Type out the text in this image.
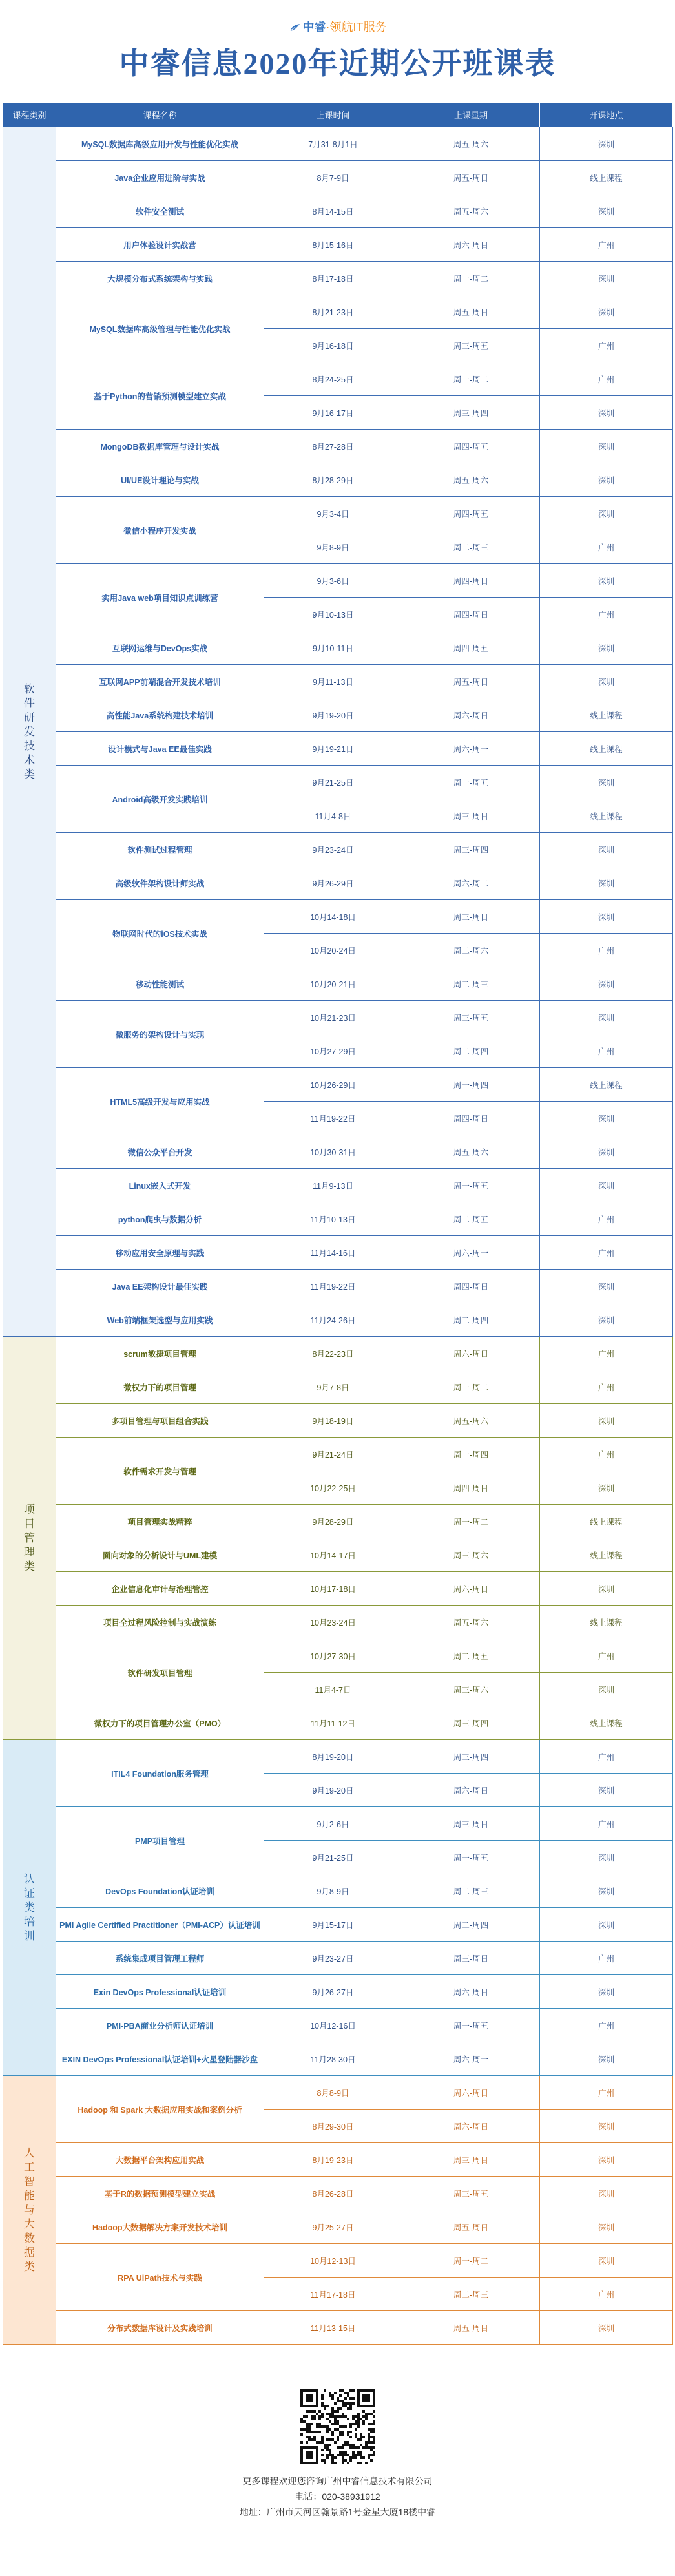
中睿·领航IT服务
中睿信息2020年近期公开班课表
课程类别	课程名称	上课时间	上课星期	开课地点
软件研发技术类	MySQL数据库高级应用开发与性能优化实战	7月31-8月1日	周五-周六	深圳
	Java企业应用进阶与实战	8月7-9日	周五-周日	线上课程
	软件安全测试	8月14-15日	周五-周六	深圳
	用户体验设计实战营	8月15-16日	周六-周日	广州
	大规模分布式系统架构与实践	8月17-18日	周一-周二	深圳
	MySQL数据库高级管理与性能优化实战	8月21-23日	周五-周日	深圳
		9月16-18日	周三-周五	广州
	基于Python的营销预测模型建立实战	8月24-25日	周一-周二	广州
		9月16-17日	周三-周四	深圳
	MongoDB数据库管理与设计实战	8月27-28日	周四-周五	深圳
	UI/UE设计理论与实战	8月28-29日	周五-周六	深圳
	微信小程序开发实战	9月3-4日	周四-周五	深圳
		9月8-9日	周二-周三	广州
	实用Java web项目知识点训练营	9月3-6日	周四-周日	深圳
		9月10-13日	周四-周日	广州
	互联网运维与DevOps实战	9月10-11日	周四-周五	深圳
	互联网APP前端混合开发技术培训	9月11-13日	周五-周日	深圳
	高性能Java系统构建技术培训	9月19-20日	周六-周日	线上课程
	设计模式与Java EE最佳实践	9月19-21日	周六-周一	线上课程
	Android高级开发实践培训	9月21-25日	周一-周五	深圳
		11月4-8日	周三-周日	线上课程
	软件测试过程管理	9月23-24日	周三-周四	深圳
	高级软件架构设计师实战	9月26-29日	周六-周二	深圳
	物联网时代的iOS技术实战	10月14-18日	周三-周日	深圳
		10月20-24日	周二-周六	广州
	移动性能测试	10月20-21日	周二-周三	深圳
	微服务的架构设计与实现	10月21-23日	周三-周五	深圳
		10月27-29日	周二-周四	广州
	HTML5高级开发与应用实战	10月26-29日	周一-周四	线上课程
		11月19-22日	周四-周日	深圳
	微信公众平台开发	10月30-31日	周五-周六	深圳
	Linux嵌入式开发	11月9-13日	周一-周五	深圳
	python爬虫与数据分析	11月10-13日	周二-周五	广州
	移动应用安全原理与实践	11月14-16日	周六-周一	广州
	Java EE架构设计最佳实践	11月19-22日	周四-周日	深圳
	Web前端框架选型与应用实践	11月24-26日	周二-周四	深圳
项目管理类	scrum敏捷项目管理	8月22-23日	周六-周日	广州
	微权力下的项目管理	9月7-8日	周一-周二	广州
	多项目管理与项目组合实践	9月18-19日	周五-周六	深圳
	软件需求开发与管理	9月21-24日	周一-周四	广州
		10月22-25日	周四-周日	深圳
	项目管理实战精粹	9月28-29日	周一-周二	线上课程
	面向对象的分析设计与UML建模	10月14-17日	周三-周六	线上课程
	企业信息化审计与治理管控	10月17-18日	周六-周日	深圳
	项目全过程风险控制与实战演练	10月23-24日	周五-周六	线上课程
	软件研发项目管理	10月27-30日	周二-周五	广州
		11月4-7日	周三-周六	深圳
	微权力下的项目管理办公室（PMO）	11月11-12日	周三-周四	线上课程
认证类培训	ITIL4 Foundation服务管理	8月19-20日	周三-周四	广州
		9月19-20日	周六-周日	深圳
	PMP项目管理	9月2-6日	周三-周日	广州
		9月21-25日	周一-周五	深圳
	DevOps Foundation认证培训	9月8-9日	周二-周三	深圳
	PMI Agile Certified Practitioner（PMI-ACP）认证培训	9月15-17日	周二-周四	深圳
	系统集成项目管理工程师	9月23-27日	周三-周日	广州
	Exin DevOps Professional认证培训	9月26-27日	周六-周日	深圳
	PMI-PBA商业分析师认证培训	10月12-16日	周一-周五	广州
	EXIN DevOps Professional认证培训+火星登陆器沙盘	11月28-30日	周六-周一	深圳
人工智能与大数据类	Hadoop 和 Spark 大数据应用实战和案例分析	8月8-9日	周六-周日	广州
		8月29-30日	周六-周日	深圳
	大数据平台架构应用实战	8月19-23日	周三-周日	深圳
	基于R的数据预测模型建立实战	8月26-28日	周三-周五	深圳
	Hadoop大数据解决方案开发技术培训	9月25-27日	周五-周日	深圳
	RPA UiPath技术与实践	10月12-13日	周一-周二	深圳
		11月17-18日	周二-周三	广州
	分布式数据库设计及实践培训	11月13-15日	周五-周日	深圳
更多课程欢迎您咨询广州中睿信息技术有限公司
电话：020-38931912
地址：广州市天河区翰景路1号金星大厦18楼中睿
